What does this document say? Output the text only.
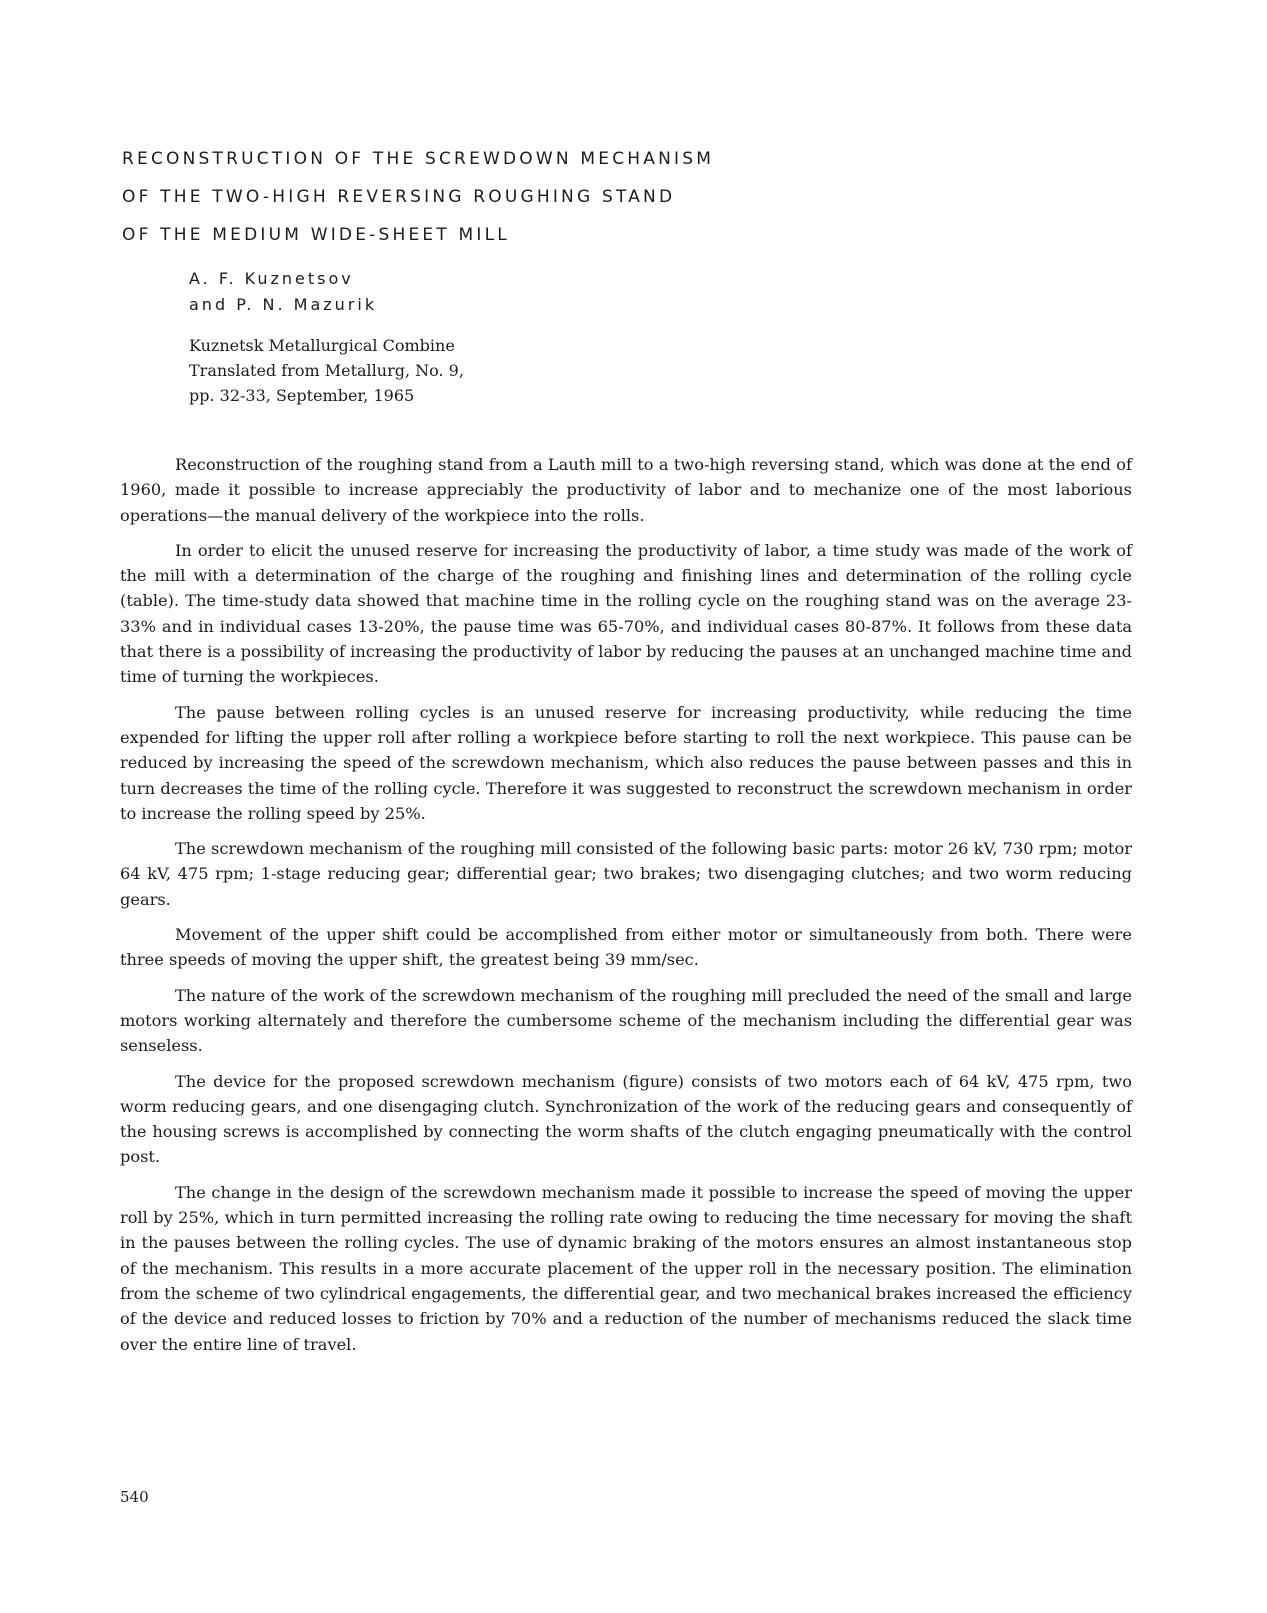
RECONSTRUCTION OF THE SCREWDOWN MECHANISM
OF THE TWO-HIGH REVERSING ROUGHING STAND
OF THE MEDIUM WIDE-SHEET MILL
A. F. Kuznetsov
and P. N. Mazurik
Kuznetsk Metallurgical Combine
Translated from Metallurg, No. 9,
pp. 32-33, September, 1965

Reconstruction of the roughing stand from a Lauth mill to a two-high reversing stand, which was done at the end of 1960, made it possible to increase appreciably the productivity of labor and to mechanize one of the most laborious operations—the manual delivery of the workpiece into the rolls.

In order to elicit the unused reserve for increasing the productivity of labor, a time study was made of the work of the mill with a determination of the charge of the roughing and finishing lines and determination of the rolling cycle (table). The time-study data showed that machine time in the rolling cycle on the roughing stand was on the average 23-33% and in individual cases 13-20%, the pause time was 65-70%, and individual cases 80-87%. It follows from these data that there is a possibility of increasing the productivity of labor by reducing the pauses at an unchanged machine time and time of turning the workpieces.

The pause between rolling cycles is an unused reserve for increasing productivity, while reducing the time expended for lifting the upper roll after rolling a workpiece before starting to roll the next workpiece. This pause can be reduced by increasing the speed of the screwdown mechanism, which also reduces the pause between passes and this in turn decreases the time of the rolling cycle. Therefore it was suggested to reconstruct the screwdown mechanism in order to increase the rolling speed by 25%.

The screwdown mechanism of the roughing mill consisted of the following basic parts: motor 26 kV, 730 rpm; motor 64 kV, 475 rpm; 1-stage reducing gear; differential gear; two brakes; two disengaging clutches; and two worm reducing gears.

Movement of the upper shift could be accomplished from either motor or simultaneously from both. There were three speeds of moving the upper shift, the greatest being 39 mm/sec.

The nature of the work of the screwdown mechanism of the roughing mill precluded the need of the small and large motors working alternately and therefore the cumbersome scheme of the mechanism including the differential gear was senseless.

The device for the proposed screwdown mechanism (figure) consists of two motors each of 64 kV, 475 rpm, two worm reducing gears, and one disengaging clutch. Synchronization of the work of the reducing gears and consequently of the housing screws is accomplished by connecting the worm shafts of the clutch engaging pneumatically with the control post.

The change in the design of the screwdown mechanism made it possible to increase the speed of moving the upper roll by 25%, which in turn permitted increasing the rolling rate owing to reducing the time necessary for moving the shaft in the pauses between the rolling cycles. The use of dynamic braking of the motors ensures an almost instantaneous stop of the mechanism. This results in a more accurate placement of the upper roll in the necessary position. The elimination from the scheme of two cylindrical engagements, the differential gear, and two mechanical brakes increased the efficiency of the device and reduced losses to friction by 70% and a reduction of the number of mechanisms reduced the slack time over the entire line of travel.

540
